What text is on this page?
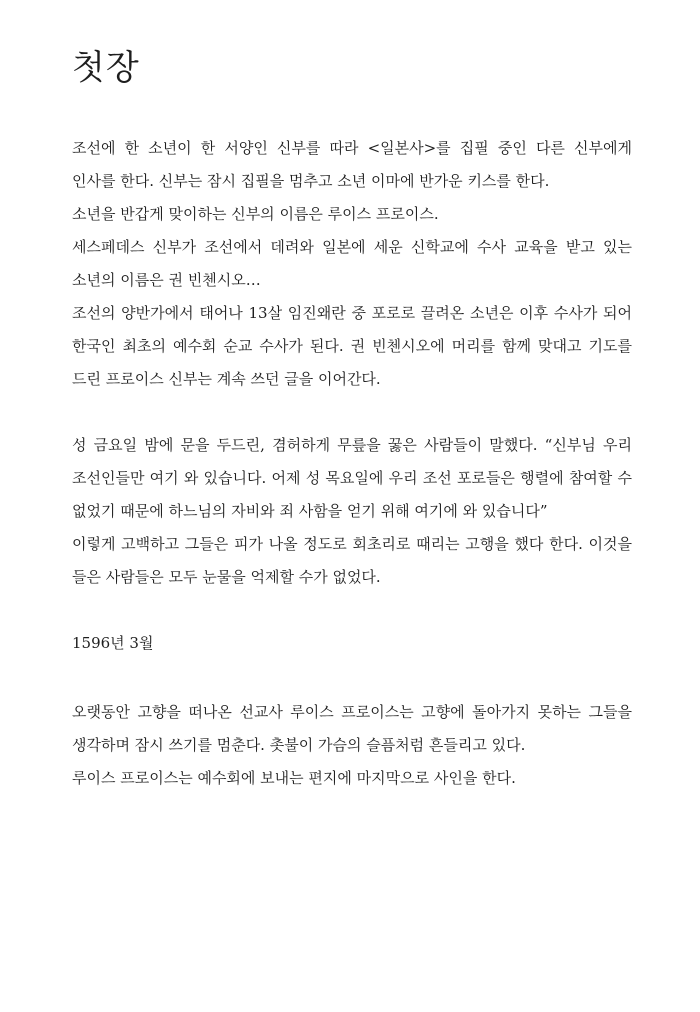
첫장

조선에 한 소년이 한 서양인 신부를 따라 <일본사>를 집필 중인 다른 신부에게 인사를 한다. 신부는 잠시 집필을 멈추고 소년 이마에 반가운 키스를 한다.

소년을 반갑게 맞이하는 신부의 이름은 루이스 프로이스.

세스페데스 신부가 조선에서 데려와 일본에 세운 신학교에 수사 교육을 받고 있는 소년의 이름은 권 빈첸시오…

조선의 양반가에서 태어나 13살 임진왜란 중 포로로 끌려온 소년은 이후 수사가 되어 한국인 최초의 예수회 순교 수사가 된다. 권 빈첸시오에 머리를 함께 맞대고 기도를 드린 프로이스 신부는 계속 쓰던 글을 이어간다.

성 금요일 밤에 문을 두드린, 겸허하게 무릎을 꿇은 사람들이 말했다. “신부님 우리 조선인들만 여기 와 있습니다. 어제 성 목요일에 우리 조선 포로들은 행렬에 참여할 수 없었기 때문에 하느님의 자비와 죄 사함을 얻기 위해 여기에 와 있습니다”

이렇게 고백하고 그들은 피가 나올 정도로 회초리로 때리는 고행을 했다 한다. 이것을 들은 사람들은 모두 눈물을 억제할 수가 없었다.

1596년 3월

오랫동안 고향을 떠나온 선교사 루이스 프로이스는 고향에 돌아가지 못하는 그들을 생각하며 잠시 쓰기를 멈춘다. 촛불이 가슴의 슬픔처럼 흔들리고 있다.

루이스 프로이스는 예수회에 보내는 편지에 마지막으로 사인을 한다.
